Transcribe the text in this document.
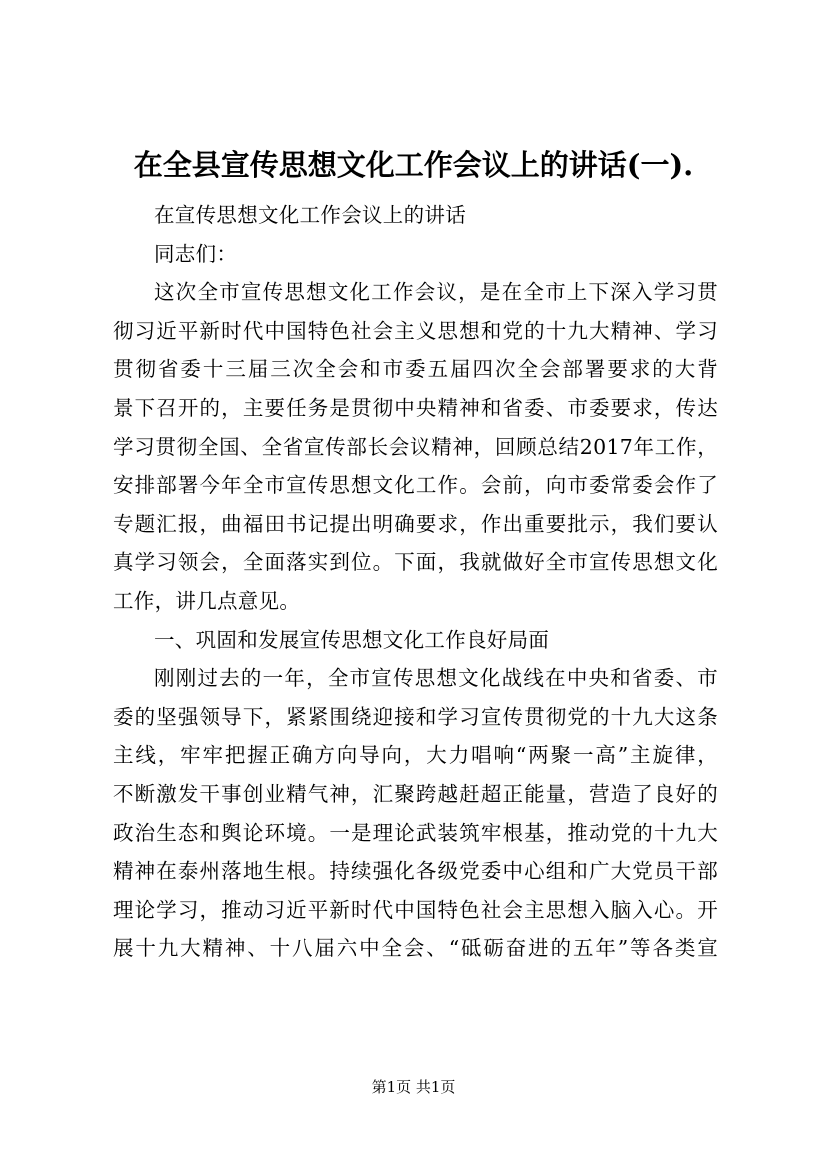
在全县宣传思想文化工作会议上的讲话(一).
在宣传思想文化工作会议上的讲话
同志们：
这次全市宣传思想文化工作会议，是在全市上下深入学习贯
彻习近平新时代中国特色社会主义思想和党的十九大精神、学习
贯彻省委十三届三次全会和市委五届四次全会部署要求的大背
景下召开的，主要任务是贯彻中央精神和省委、市委要求，传达
学习贯彻全国、全省宣传部长会议精神，回顾总结2017年工作，
安排部署今年全市宣传思想文化工作。会前，向市委常委会作了
专题汇报，曲福田书记提出明确要求，作出重要批示，我们要认
真学习领会，全面落实到位。下面，我就做好全市宣传思想文化
工作，讲几点意见。
一、巩固和发展宣传思想文化工作良好局面
刚刚过去的一年，全市宣传思想文化战线在中央和省委、市
委的坚强领导下，紧紧围绕迎接和学习宣传贯彻党的十九大这条
主线，牢牢把握正确方向导向，大力唱响“两聚一高”主旋律，
不断激发干事创业精气神，汇聚跨越赶超正能量，营造了良好的
政治生态和舆论环境。一是理论武装筑牢根基，推动党的十九大
精神在泰州落地生根。持续强化各级党委中心组和广大党员干部
理论学习，推动习近平新时代中国特色社会主思想入脑入心。开
展十九大精神、十八届六中全会、“砥砺奋进的五年”等各类宣
第1页 共1页
